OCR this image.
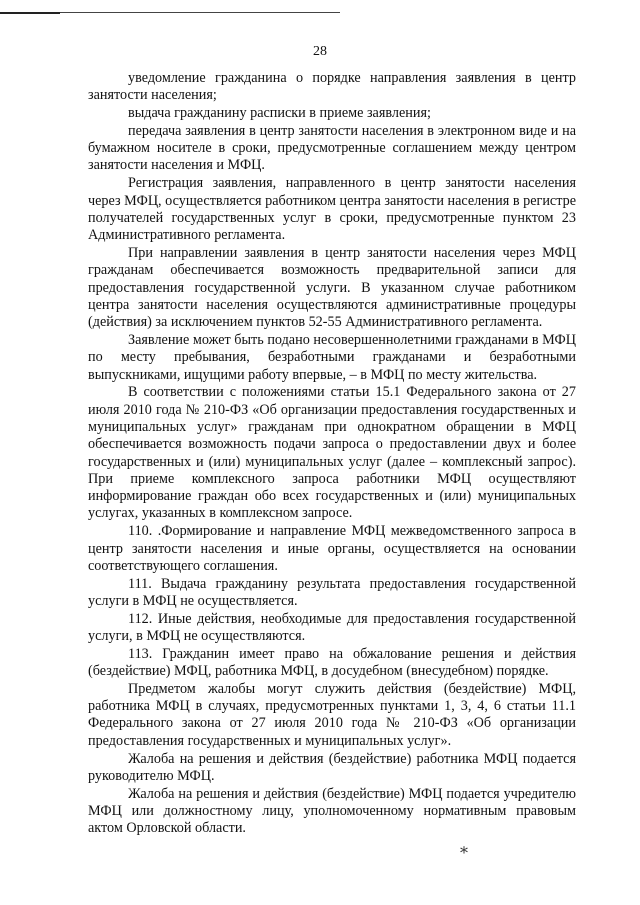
28

уведомление гражданина о порядке направления заявления в центр занятости населения;

выдача гражданину расписки в приеме заявления;

передача заявления в центр занятости населения в электронном виде и на бумажном носителе в сроки, предусмотренные соглашением между центром занятости населения и МФЦ.

Регистрация заявления, направленного в центр занятости населения через МФЦ, осуществляется работником центра занятости населения в регистре получателей государственных услуг в сроки, предусмотренные пунктом 23 Административного регламента.

При направлении заявления в центр занятости населения через МФЦ гражданам обеспечивается возможность предварительной записи для предоставления государственной услуги. В указанном случае работником центра занятости населения осуществляются административные процедуры (действия) за исключением пунктов 52-55 Административного регламента.

Заявление может быть подано несовершеннолетними гражданами в МФЦ по месту пребывания, безработными гражданами и безработными выпускниками, ищущими работу впервые, – в МФЦ по месту жительства.

В соответствии с положениями статьи 15.1 Федерального закона от 27 июля 2010 года № 210-ФЗ «Об организации предоставления государственных и муниципальных услуг» гражданам при однократном обращении в МФЦ обеспечивается возможность подачи запроса о предоставлении двух и более государственных и (или) муниципальных услуг (далее – комплексный запрос). При приеме комплексного запроса работники МФЦ осуществляют информирование граждан обо всех государственных и (или) муниципальных услугах, указанных в комплексном запросе.

110. .Формирование и направление МФЦ межведомственного запроса в центр занятости населения и иные органы, осуществляется на основании соответствующего соглашения.

111. Выдача гражданину результата предоставления государственной услуги в МФЦ не осуществляется.

112. Иные действия, необходимые для предоставления государственной услуги, в МФЦ не осуществляются.

113. Гражданин имеет право на обжалование решения и действия (бездействие) МФЦ, работника МФЦ, в досудебном (внесудебном) порядке.

Предметом жалобы могут служить действия (бездействие) МФЦ, работника МФЦ в случаях, предусмотренных пунктами 1, 3, 4, 6 статьи 11.1 Федерального закона от 27 июля 2010 года № 210-ФЗ «Об организации предоставления государственных и муниципальных услуг».

Жалоба на решения и действия (бездействие) работника МФЦ подается руководителю МФЦ.

Жалоба на решения и действия (бездействие) МФЦ подается учредителю МФЦ или должностному лицу, уполномоченному нормативным правовым актом Орловской области.

⁎
